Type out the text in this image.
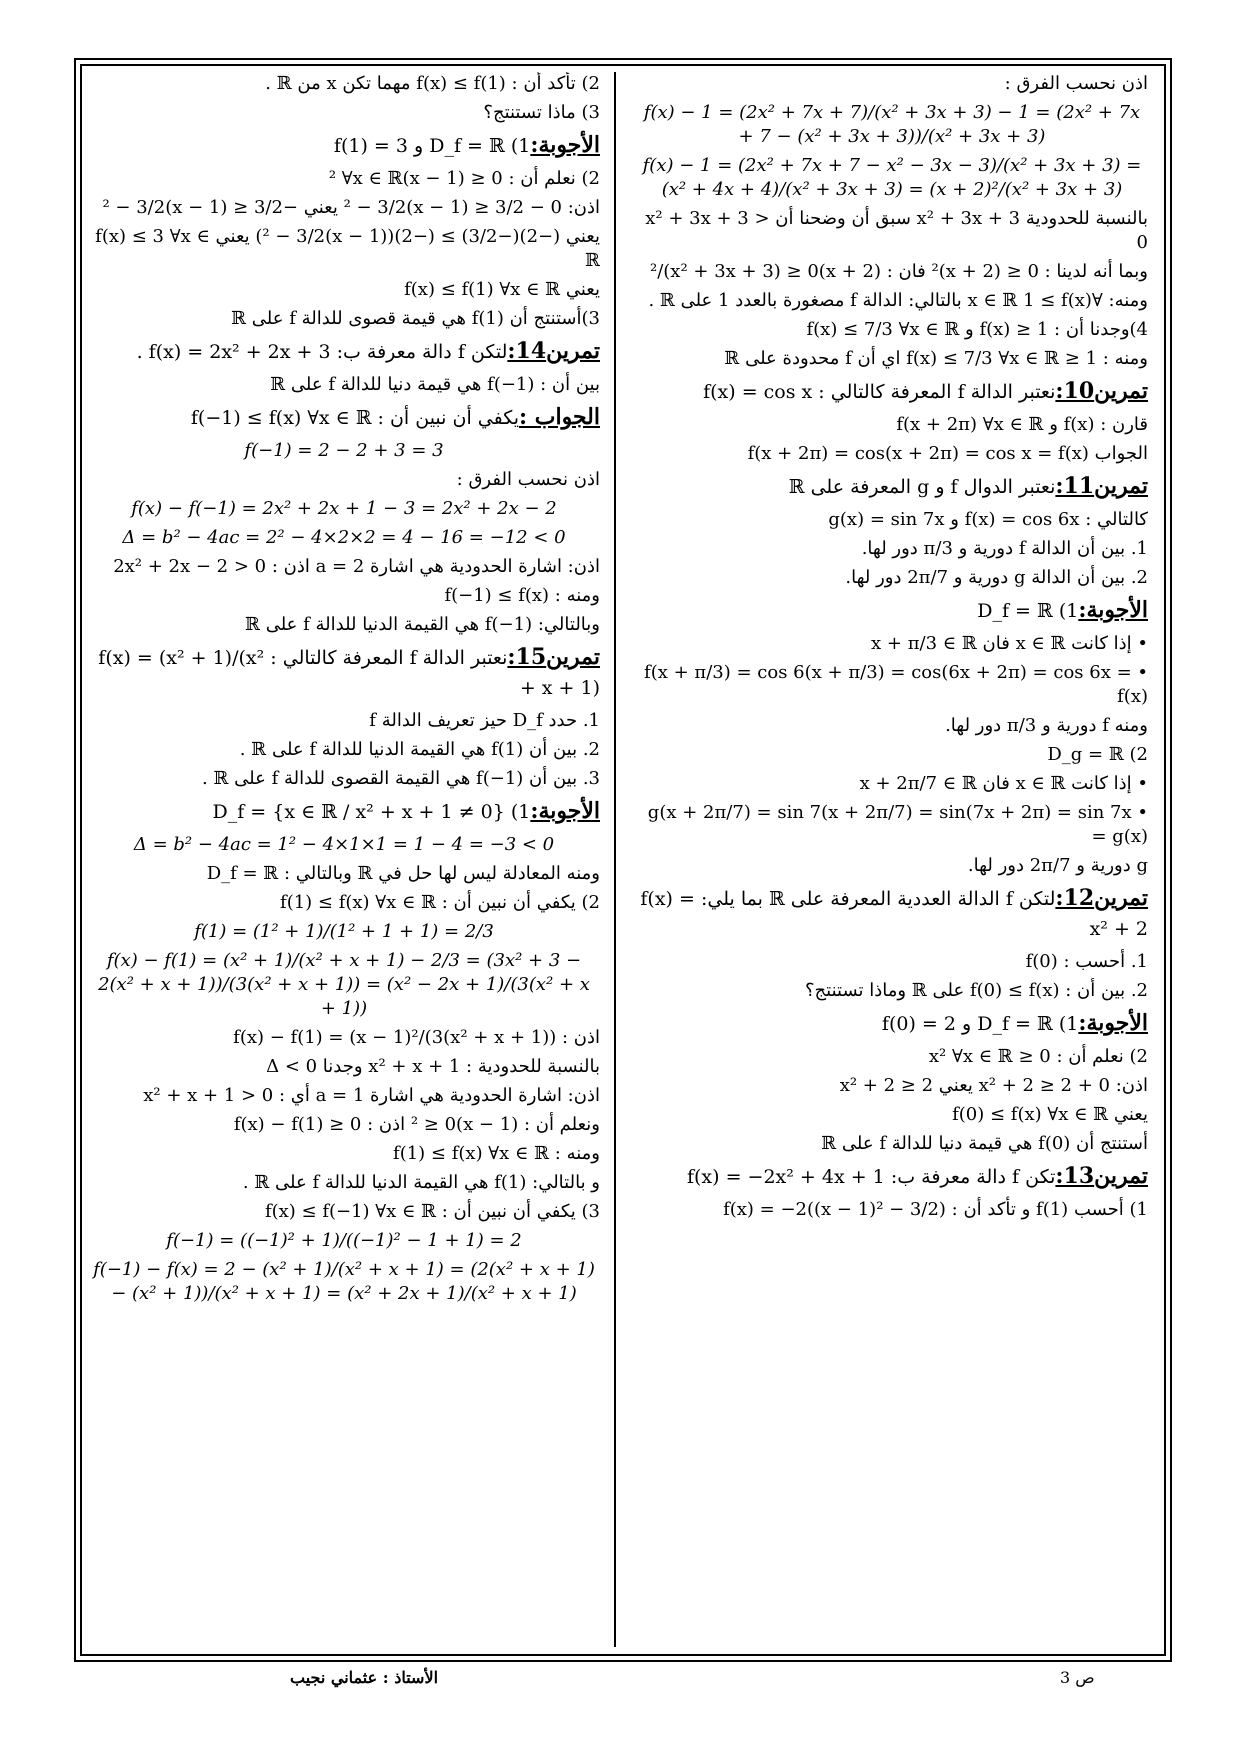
اذن نحسب الفرق :
f(x) − 1 = (2x² + 7x + 7)/(x² + 3x + 3) − 1 = (2x² + 7x + 7 − (x² + 3x + 3))/(x² + 3x + 3)
f(x) − 1 = (2x² + 7x + 7 − x² − 3x − 3)/(x² + 3x + 3) = (x² + 4x + 4)/(x² + 3x + 3) = (x + 2)²/(x² + 3x + 3)
بالنسبة للحدودية x² + 3x + 3 سبق أن وضحنا أن x² + 3x + 3 > 0
وبما أنه لدينا : 0 ≤ (x + 2)² فان : (x + 2)²/(x² + 3x + 3) ≥ 0
ومنه: ∀x ∈ ℝ 1 ≤ f(x) بالتالي: الدالة f مصغورة بالعدد 1 على ℝ .
4)وجدنا أن : 1 ≤ f(x) و f(x) ≤ 7/3 ∀x ∈ ℝ
ومنه : 1 ≤ f(x) ≤ 7/3 ∀x ∈ ℝ اي أن f محدودة على ℝ
تمرين10:نعتبر الدالة f المعرفة كالتالي : f(x) = cos x
قارن : f(x) و f(x + 2π) ∀x ∈ ℝ
الجواب f(x + 2π) = cos(x + 2π) = cos x = f(x)
تمرين11:نعتبر الدوال f و g المعرفة على ℝ
كالتالي : f(x) = cos 6x و g(x) = sin 7x
1. بين أن الدالة f دورية و π/3 دور لها.
2. بين أن الدالة g دورية و 2π/7 دور لها.
الأجوبة:1) D_f = ℝ
• إذا كانت x ∈ ℝ فان x + π/3 ∈ ℝ
• f(x + π/3) = cos 6(x + π/3) = cos(6x + 2π) = cos 6x = f(x)
ومنه f دورية و π/3 دور لها.
2) D_g = ℝ
• إذا كانت x ∈ ℝ فان x + 2π/7 ∈ ℝ
• g(x + 2π/7) = sin 7(x + 2π/7) = sin(7x + 2π) = sin 7x = g(x)
g دورية و 2π/7 دور لها.
تمرين12:لتكن f الدالة العددية المعرفة على ℝ بما يلي: f(x) = x² + 2
1. أحسب : f(0)
2. بين أن : f(0) ≤ f(x) على ℝ وماذا تستنتج؟
الأجوبة:1) D_f = ℝ و f(0) = 2
2) نعلم أن : 0 ≤ x² ∀x ∈ ℝ
اذن: 0 + 2 ≤ x² + 2 يعني 2 ≤ x² + 2
يعني f(0) ≤ f(x) ∀x ∈ ℝ
أستنتج أن f(0) هي قيمة دنيا للدالة f على ℝ
تمرين13:تكن f دالة معرفة ب: f(x) = −2x² + 4x + 1
1) أحسب f(1) و تأكد أن : f(x) = −2((x − 1)² − 3/2)
2) تأكد أن : f(x) ≤ f(1) مهما تكن x من ℝ .
3) ماذا تستنتج؟
الأجوبة:1) D_f = ℝ و f(1) = 3
2) نعلم أن : 0 ≤ (x − 1)² ∀x ∈ ℝ
اذن: 0 − 3/2 ≤ (x − 1)² − 3/2 يعني −3/2 ≤ (x − 1)² − 3/2
يعني (−2)(−3/2) ≥ (−2)((x − 1)² − 3/2) يعني f(x) ≤ 3 ∀x ∈ ℝ
يعني f(x) ≤ f(1) ∀x ∈ ℝ
3)أستنتج أن f(1) هي قيمة قصوى للدالة f على ℝ
تمرين14:لتكن f دالة معرفة ب: f(x) = 2x² + 2x + 3 .
بين أن : f(−1) هي قيمة دنيا للدالة f على ℝ
الجواب :يكفي أن نبين أن : f(−1) ≤ f(x) ∀x ∈ ℝ
f(−1) = 2 − 2 + 3 = 3
اذن نحسب الفرق :
f(x) − f(−1) = 2x² + 2x + 1 − 3 = 2x² + 2x − 2
Δ = b² − 4ac = 2² − 4×2×2 = 4 − 16 = −12 < 0
اذن: اشارة الحدودية هي اشارة a = 2 اذن : 2x² + 2x − 2 > 0
ومنه : f(−1) ≤ f(x)
وبالتالي: f(−1) هي القيمة الدنيا للدالة f على ℝ
تمرين15:نعتبر الدالة f المعرفة كالتالي : f(x) = (x² + 1)/(x² + x + 1)
1. حدد D_f حيز تعريف الدالة f
2. بين أن f(1) هي القيمة الدنيا للدالة f على ℝ .
3. بين أن f(−1) هي القيمة القصوى للدالة f على ℝ .
الأجوبة:1) D_f = {x ∈ ℝ / x² + x + 1 ≠ 0}
Δ = b² − 4ac = 1² − 4×1×1 = 1 − 4 = −3 < 0
ومنه المعادلة ليس لها حل في ℝ وبالتالي : D_f = ℝ
2) يكفي أن نبين أن : f(1) ≤ f(x) ∀x ∈ ℝ
f(1) = (1² + 1)/(1² + 1 + 1) = 2/3
f(x) − f(1) = (x² + 1)/(x² + x + 1) − 2/3 = (3x² + 3 − 2(x² + x + 1))/(3(x² + x + 1)) = (x² − 2x + 1)/(3(x² + x + 1))
اذن : f(x) − f(1) = (x − 1)²/(3(x² + x + 1))
بالنسبة للحدودية : x² + x + 1 وجدنا Δ < 0
اذن: اشارة الحدودية هي اشارة a = 1 أي : x² + x + 1 > 0
ونعلم أن : (x − 1)² ≥ 0 اذن : f(x) − f(1) ≥ 0
ومنه : f(1) ≤ f(x) ∀x ∈ ℝ
و بالتالي: f(1) هي القيمة الدنيا للدالة f على ℝ .
3) يكفي أن نبين أن : f(x) ≤ f(−1) ∀x ∈ ℝ
f(−1) = ((−1)² + 1)/((−1)² − 1 + 1) = 2
f(−1) − f(x) = 2 − (x² + 1)/(x² + x + 1) = (2(x² + x + 1) − (x² + 1))/(x² + x + 1) = (x² + 2x + 1)/(x² + x + 1)
ص 3
الأستاذ : عثماني نجيب
